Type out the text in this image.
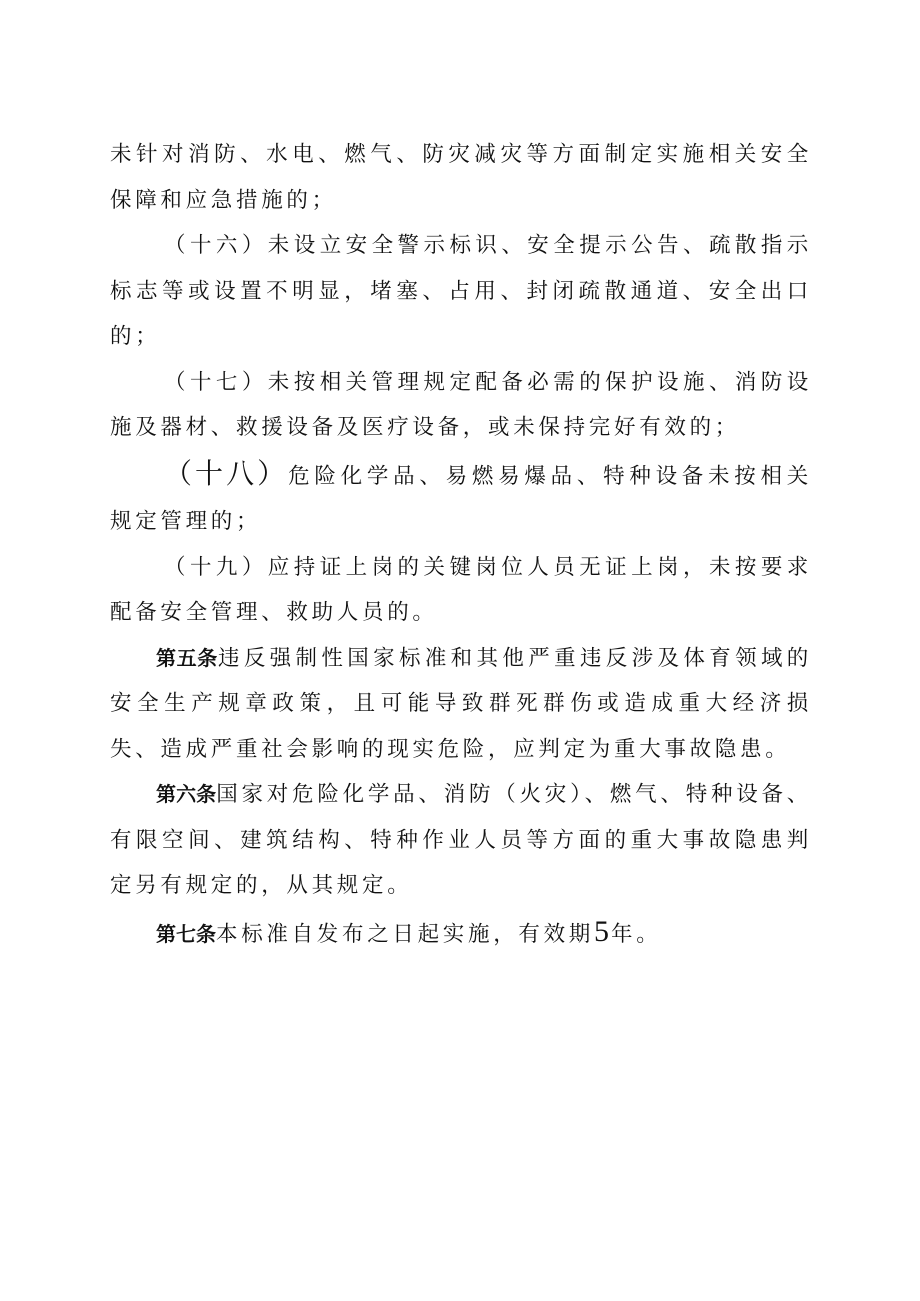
未针对消防、水电、燃气、防灾减灾等方面制定实施相关安全保障和应急措施的；

（十六）未设立安全警示标识、安全提示公告、疏散指示标志等或设置不明显，堵塞、占用、封闭疏散通道、安全出口的；

（十七）未按相关管理规定配备必需的保护设施、消防设施及器材、救援设备及医疗设备，或未保持完好有效的；

（十八）危险化学品、易燃易爆品、特种设备未按相关规定管理的；

（十九）应持证上岗的关键岗位人员无证上岗，未按要求配备安全管理、救助人员的。

第五条违反强制性国家标准和其他严重违反涉及体育领域的安全生产规章政策，且可能导致群死群伤或造成重大经济损失、造成严重社会影响的现实危险，应判定为重大事故隐患。

第六条国家对危险化学品、消防（火灾）、燃气、特种设备、有限空间、建筑结构、特种作业人员等方面的重大事故隐患判定另有规定的，从其规定。

第七条本标准自发布之日起实施，有效期5年。
